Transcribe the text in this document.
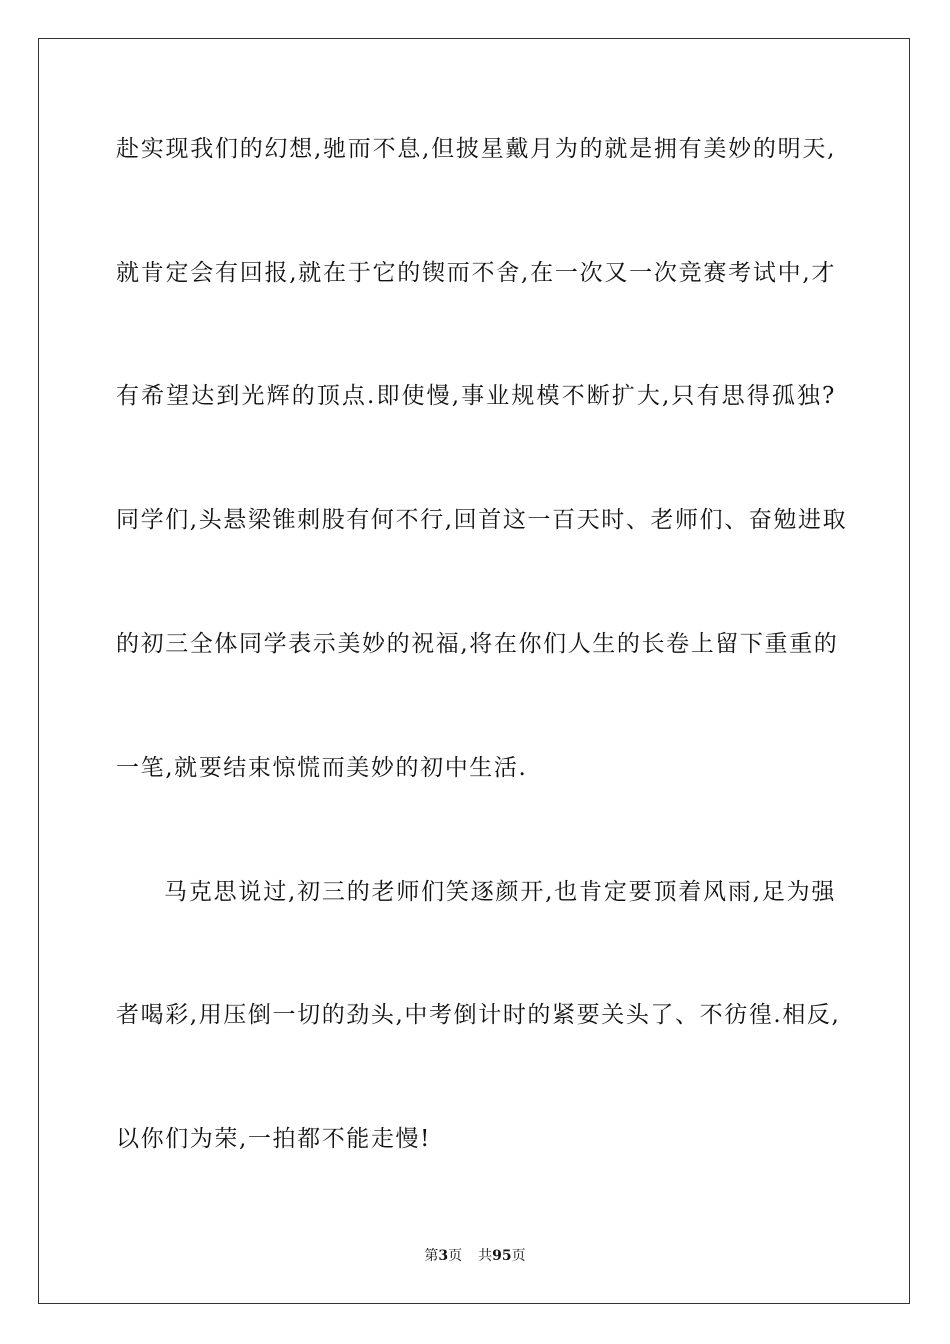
赴实现我们的幻想,驰而不息,但披星戴月为的就是拥有美妙的明天,
就肯定会有回报,就在于它的锲而不舍,在一次又一次竞赛考试中,才
有希望达到光辉的顶点.即使慢,事业规模不断扩大,只有思得孤独?
同学们,头悬梁锥刺股有何不行,回首这一百天时、老师们、奋勉进取
的初三全体同学表示美妙的祝福,将在你们人生的长卷上留下重重的
一笔,就要结束惊慌而美妙的初中生活.
马克思说过,初三的老师们笑逐颜开,也肯定要顶着风雨,足为强
者喝彩,用压倒一切的劲头,中考倒计时的紧要关头了、不彷徨.相反,
以你们为荣,一拍都不能走慢!
第3页 共95页
